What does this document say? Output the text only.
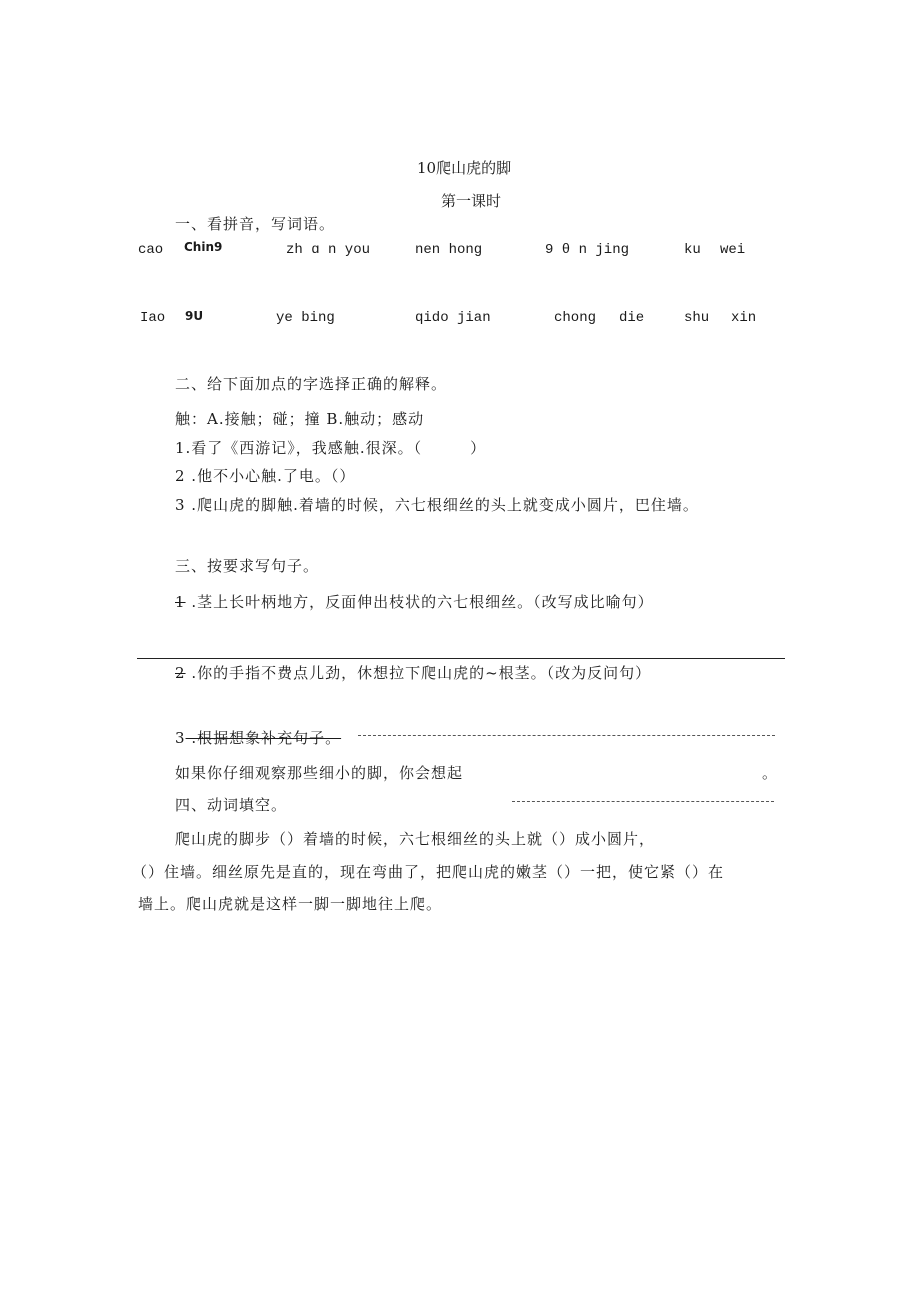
10爬山虎的脚
第一课时
一、看拼音，写词语。
cao Chin9	zh ɑ n you	nen hong	9 θ n jing	ku wei
Iao 9U	ye bing	qido jian	chong die	shu xin
二、给下面加点的字选择正确的解释。
触：A.接触；碰；撞 B.触动；感动
1.看了《西游记》，我感触.很深。（	）
2 .他不小心触.了电。（）
3 .爬山虎的脚触.着墙的时候，六七根细丝的头上就变成小圆片，巴住墙。
三、按要求写句子。
1 .茎上长叶柄地方，反面伸出枝状的六七根细丝。（改写成比喻句）
2 .你的手指不费点儿劲，休想拉下爬山虎的~根茎。（改为反问句）
3 .根据想象补充句子。
如果你仔细观察那些细小的脚，你会想起	。
四、动词填空。
爬山虎的脚步（）着墙的时候，六七根细丝的头上就（）成小圆片，
（）住墙。细丝原先是直的，现在弯曲了，把爬山虎的嫩茎（）一把，使它紧（）在
墙上。爬山虎就是这样一脚一脚地往上爬。
